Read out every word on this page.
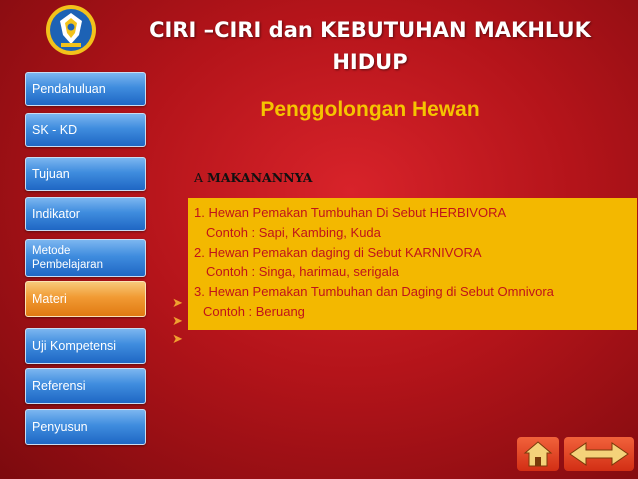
CIRI –CIRI dan KEBUTUHAN MAKHLUK
HIDUP
Pendahuluan
SK - KD
Tujuan
Indikator
Metode
Pembelajaran
Materi
Uji Kompetensi
Referensi
Penyusun
Penggolongan Hewan
A MAKANANNYA
➤
➤
➤
1. Hewan Pemakan Tumbuhan Di Sebut HERBIVORA
Contoh : Sapi, Kambing, Kuda
2. Hewan Pemakan daging di Sebut KARNIVORA
Contoh : Singa, harimau, serigala
3. Hewan Pemakan Tumbuhan dan Daging di Sebut Omnivora
Contoh : Beruang
